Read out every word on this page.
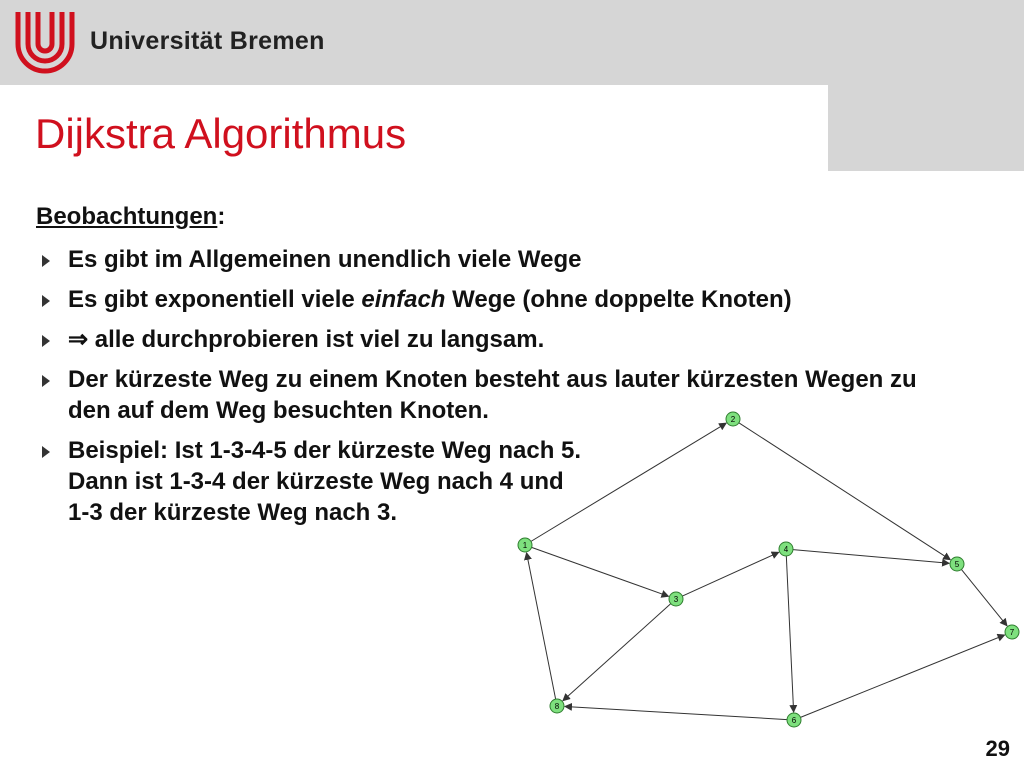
Universität Bremen
Dijkstra Algorithmus
Beobachtungen:
Es gibt im Allgemeinen unendlich viele Wege
Es gibt exponentiell viele einfach Wege (ohne doppelte Knoten)
⇒ alle durchprobieren ist viel zu langsam.
Der kürzeste Weg zu einem Knoten besteht aus lauter kürzesten Wegen zu den auf dem Weg besuchten Knoten.
Beispiel: Ist 1-3-4-5 der kürzeste Weg nach 5. Dann ist 1-3-4 der kürzeste Weg nach 4 und 1-3 der kürzeste Weg nach 3.
1
2
3
4
5
6
7
8
29
